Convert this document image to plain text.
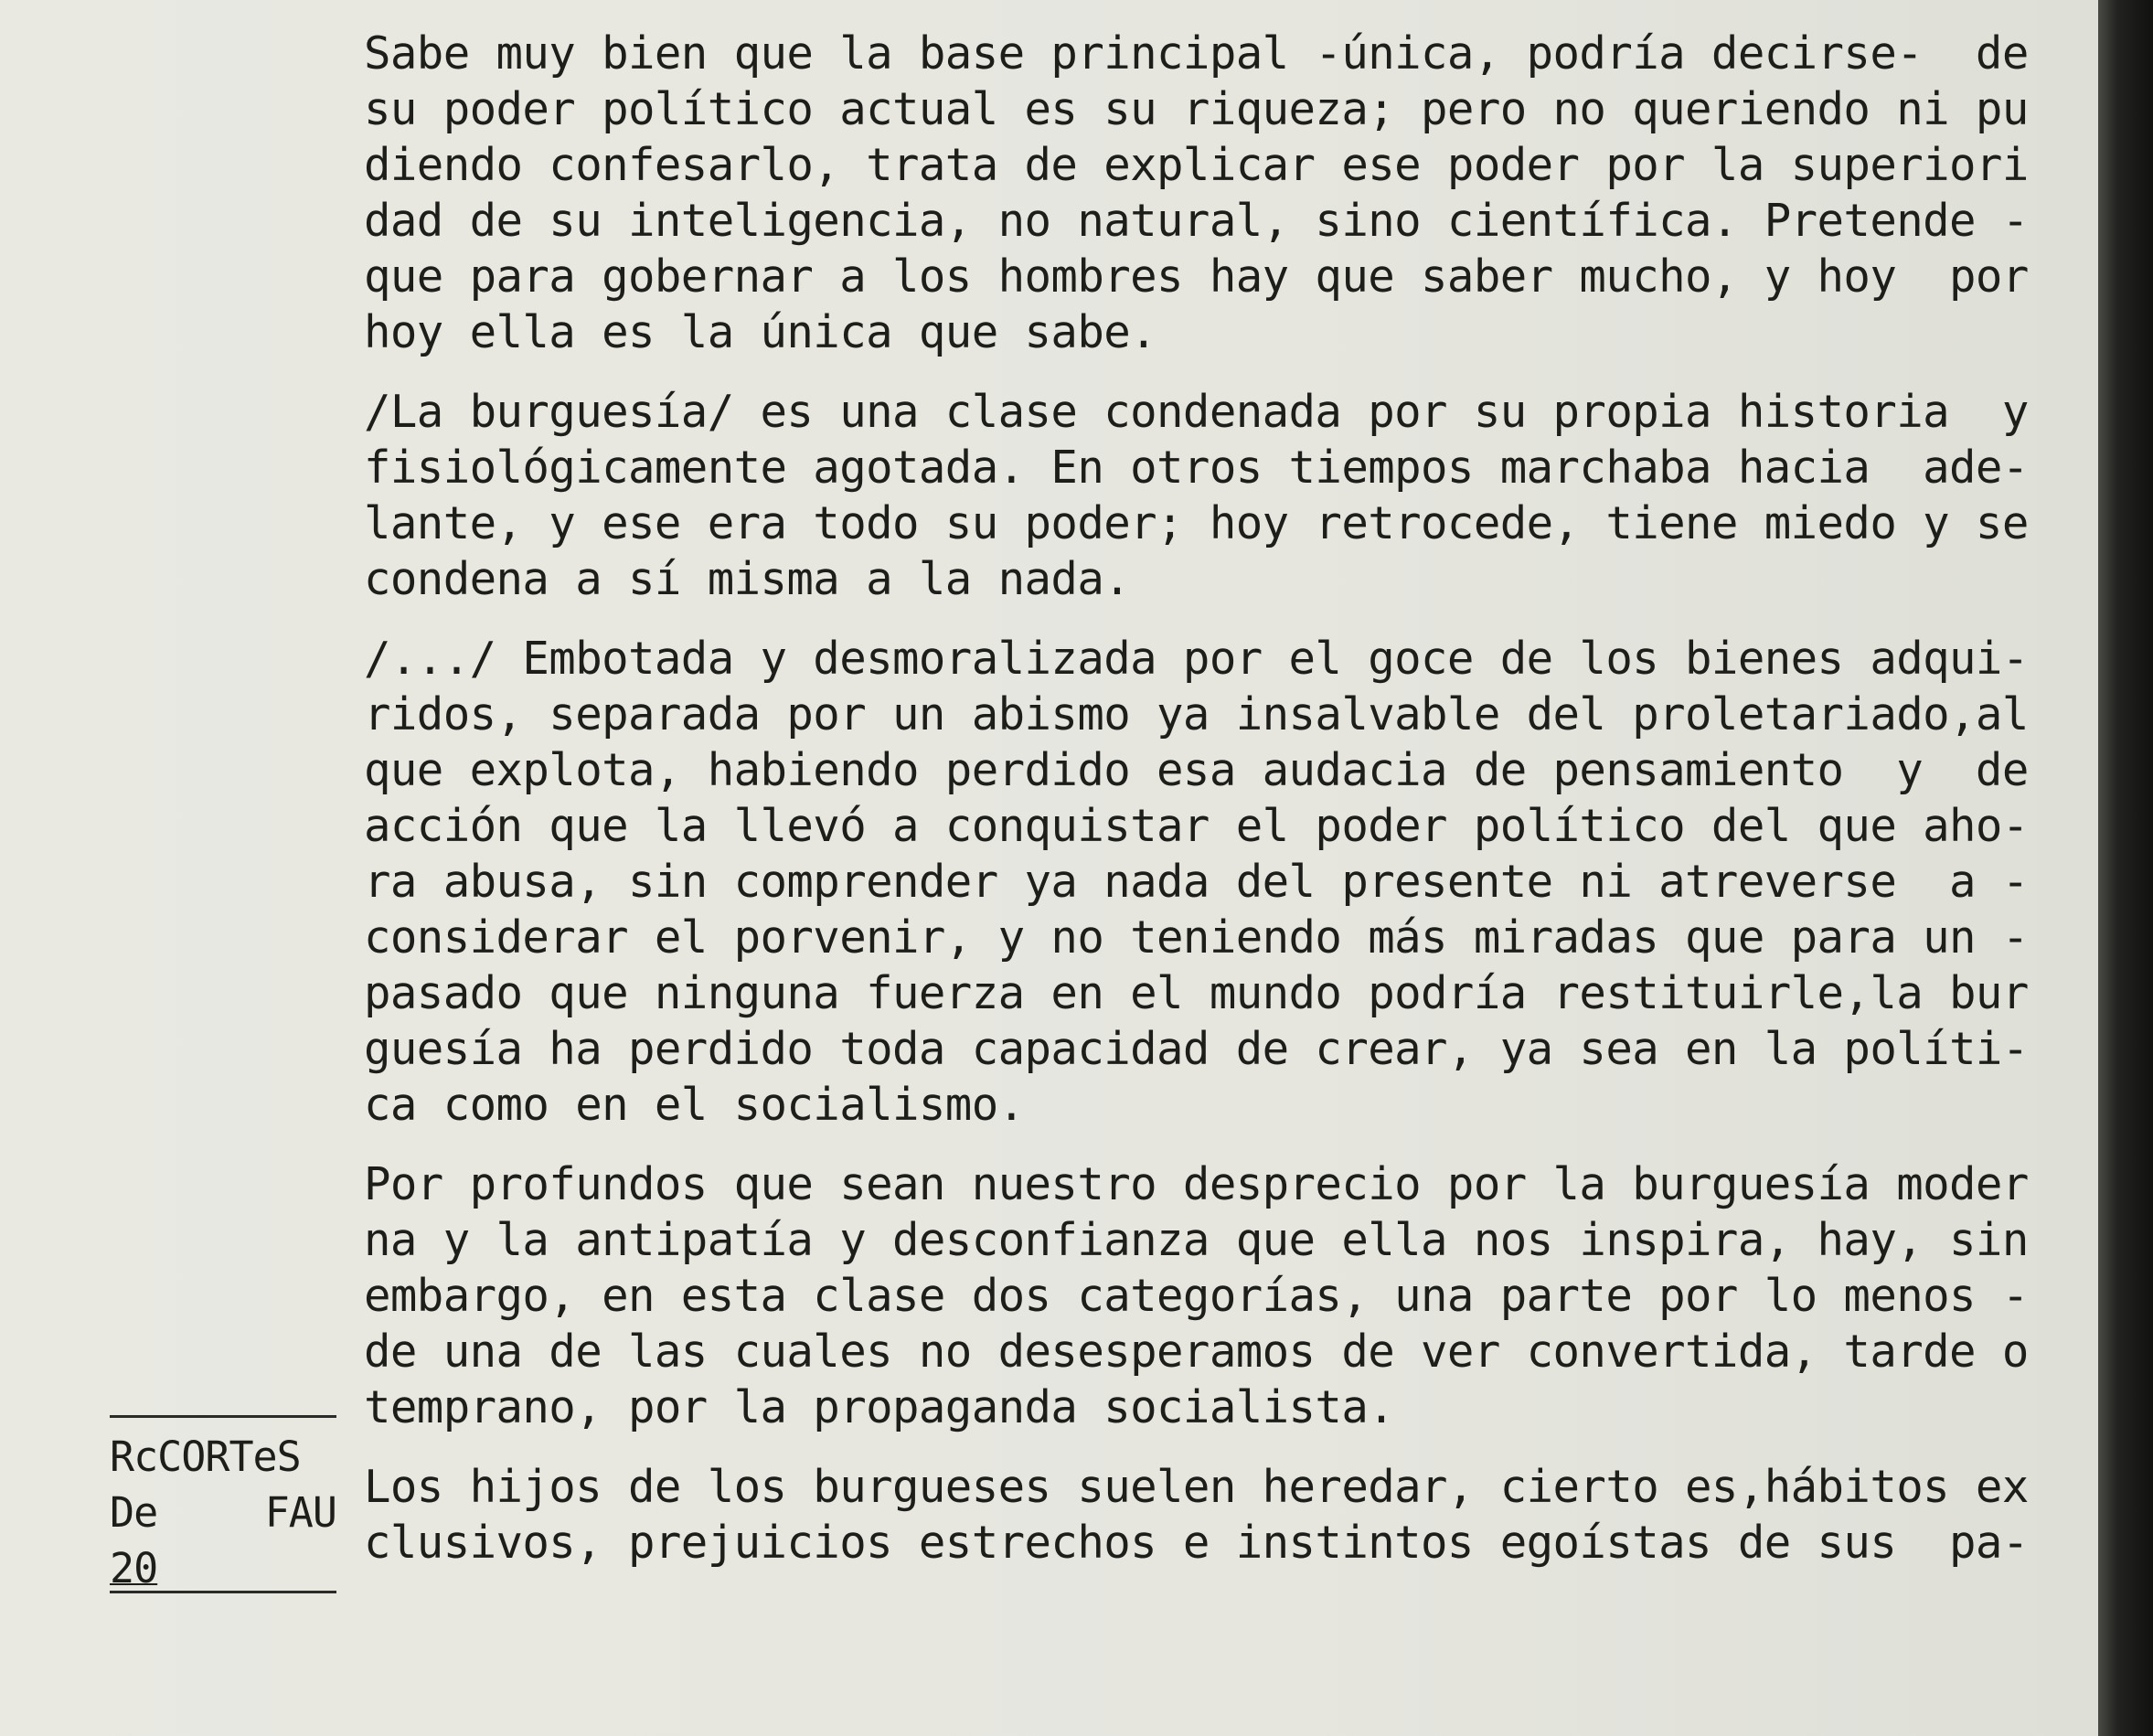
Sabe muy bien que la base principal -única, podría decirse-  de
su poder político actual es su riqueza; pero no queriendo ni pu
diendo confesarlo, trata de explicar ese poder por la superiori
dad de su inteligencia, no natural, sino científica. Pretende -
que para gobernar a los hombres hay que saber mucho, y hoy  por
hoy ella es la única que sabe.
/La burguesía/ es una clase condenada por su propia historia  y
fisiológicamente agotada. En otros tiempos marchaba hacia  ade-
lante, y ese era todo su poder; hoy retrocede, tiene miedo y se
condena a sí misma a la nada.
/.../ Embotada y desmoralizada por el goce de los bienes adqui-
ridos, separada por un abismo ya insalvable del proletariado,al
que explota, habiendo perdido esa audacia de pensamiento  y  de
acción que la llevó a conquistar el poder político del que aho-
ra abusa, sin comprender ya nada del presente ni atreverse  a -
considerar el porvenir, y no teniendo más miradas que para un -
pasado que ninguna fuerza en el mundo podría restituirle,la bur
guesía ha perdido toda capacidad de crear, ya sea en la políti-
ca como en el socialismo.
Por profundos que sean nuestro desprecio por la burguesía moder
na y la antipatía y desconfianza que ella nos inspira, hay, sin
embargo, en esta clase dos categorías, una parte por lo menos -
de una de las cuales no desesperamos de ver convertida, tarde o
temprano, por la propaganda socialista.
Los hijos de los burgueses suelen heredar, cierto es,hábitos ex
clusivos, prejuicios estrechos e instintos egoístas de sus  pa-
RcCORTeS
De	FAU
20
